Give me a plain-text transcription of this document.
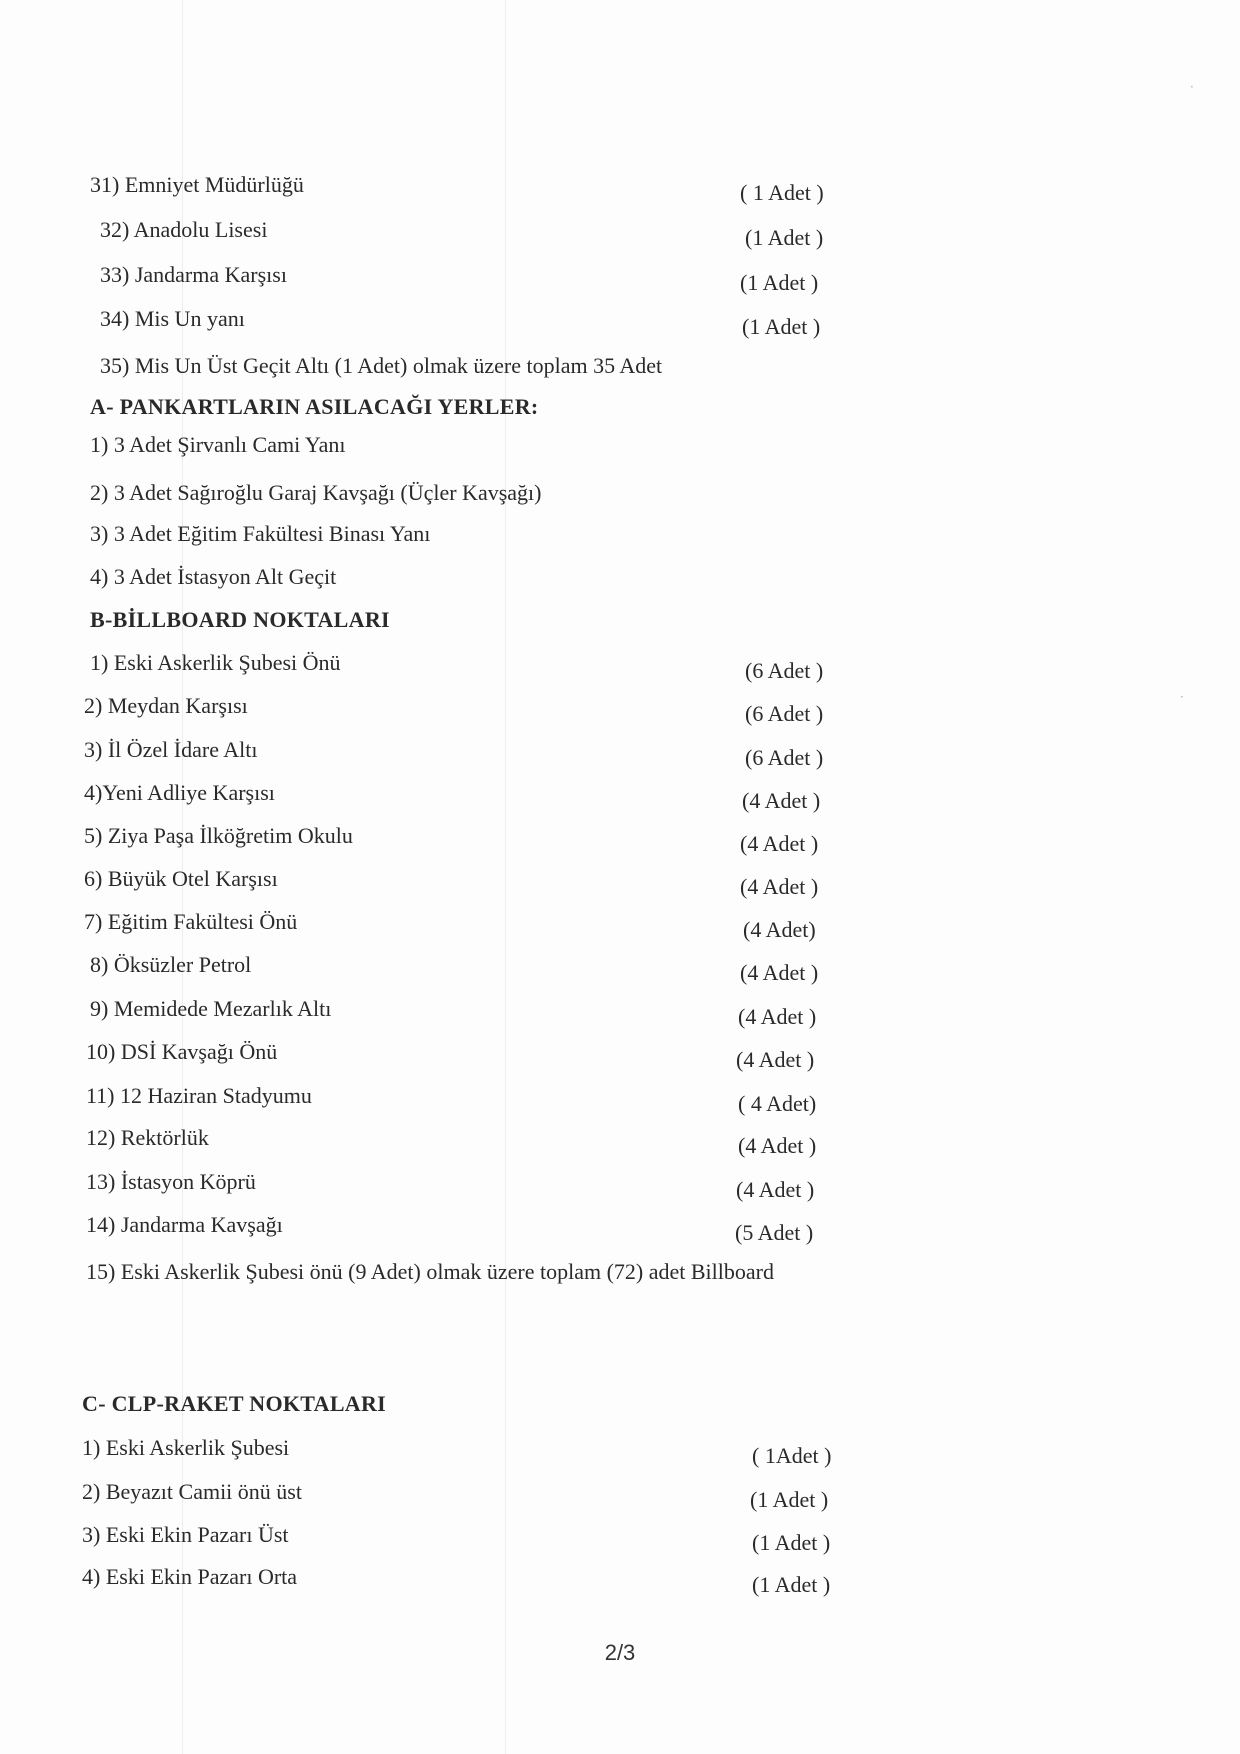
·
·
31) Emniyet Müdürlüğü	( 1 Adet )
32) Anadolu Lisesi	(1 Adet )
33) Jandarma Karşısı	(1 Adet )
34) Mis Un yanı	(1 Adet )
35) Mis Un Üst Geçit Altı (1 Adet) olmak üzere toplam 35 Adet
A- PANKARTLARIN ASILACAĞI YERLER:
1) 3 Adet Şirvanlı Cami Yanı
2) 3 Adet Sağıroğlu Garaj Kavşağı (Üçler Kavşağı)
3) 3 Adet Eğitim Fakültesi Binası Yanı
4) 3 Adet İstasyon Alt Geçit
B-BİLLBOARD NOKTALARI
1) Eski Askerlik Şubesi Önü	(6 Adet )
2) Meydan Karşısı	(6 Adet )
3) İl Özel İdare Altı	(6 Adet )
4)Yeni Adliye Karşısı	(4 Adet )
5) Ziya Paşa İlköğretim Okulu	(4 Adet )
6) Büyük Otel Karşısı	(4 Adet )
7) Eğitim Fakültesi Önü	(4 Adet)
8) Öksüzler Petrol	(4 Adet )
9) Memidede Mezarlık Altı	(4 Adet )
10) DSİ Kavşağı Önü	(4 Adet )
11) 12 Haziran Stadyumu	( 4 Adet)
12) Rektörlük	(4 Adet )
13) İstasyon Köprü	(4 Adet )
14) Jandarma Kavşağı	(5 Adet )
15) Eski Askerlik Şubesi önü (9 Adet) olmak üzere toplam (72) adet Billboard
C- CLP-RAKET NOKTALARI
1) Eski Askerlik Şubesi	( 1Adet )
2) Beyazıt Camii önü üst	(1 Adet )
3) Eski Ekin Pazarı Üst	(1 Adet )
4) Eski Ekin Pazarı Orta	(1 Adet )
2/3
